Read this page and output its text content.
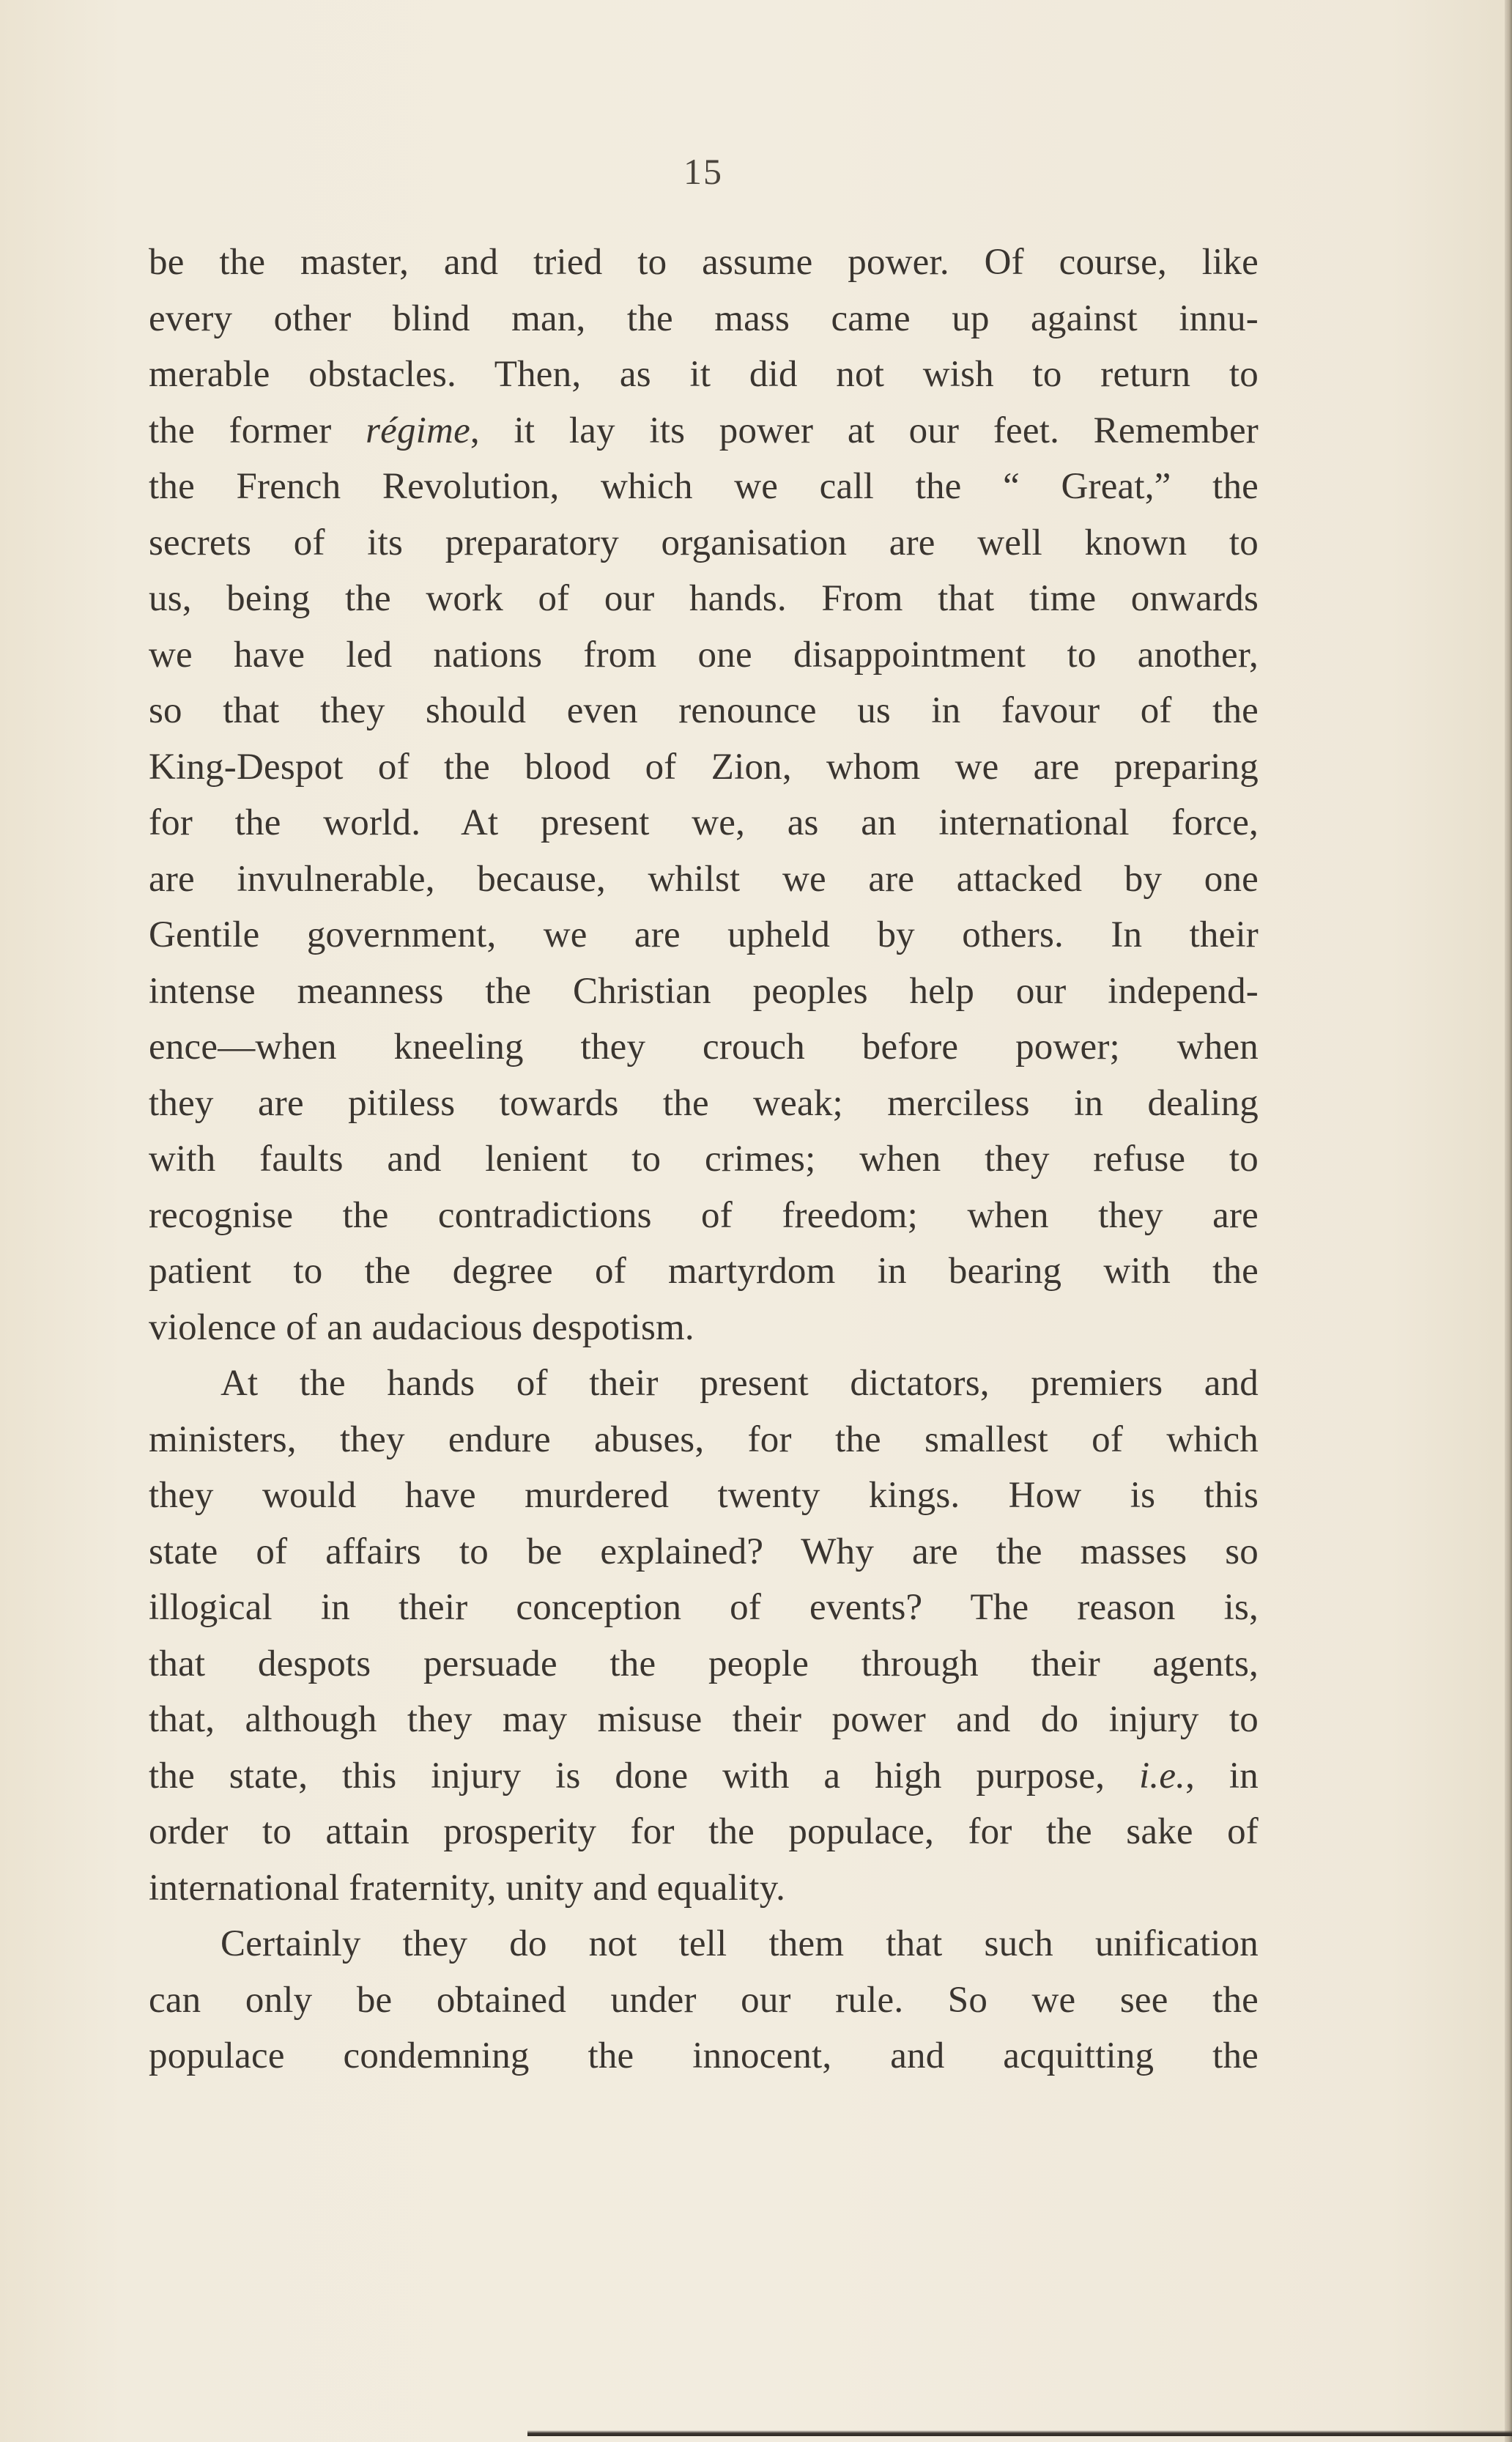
15
be the master, and tried to assume power. Of course, like
every other blind man, the mass came up against innu-
merable obstacles. Then, as it did not wish to return to
the former régime, it lay its power at our feet. Remember
the French Revolution, which we call the “ Great,” the
secrets of its preparatory organisation are well known to
us, being the work of our hands. From that time onwards
we have led nations from one disappointment to another,
so that they should even renounce us in favour of the
King-Despot of the blood of Zion, whom we are preparing
for the world. At present we, as an international force,
are invulnerable, because, whilst we are attacked by one
Gentile government, we are upheld by others. In their
intense meanness the Christian peoples help our independ-
ence—when kneeling they crouch before power; when
they are pitiless towards the weak; merciless in dealing
with faults and lenient to crimes; when they refuse to
recognise the contradictions of freedom; when they are
patient to the degree of martyrdom in bearing with the
violence of an audacious despotism.
At the hands of their present dictators, premiers and
ministers, they endure abuses, for the smallest of which
they would have murdered twenty kings. How is this
state of affairs to be explained? Why are the masses so
illogical in their conception of events? The reason is,
that despots persuade the people through their agents,
that, although they may misuse their power and do injury to
the state, this injury is done with a high purpose, i.e., in
order to attain prosperity for the populace, for the sake of
international fraternity, unity and equality.
Certainly they do not tell them that such unification
can only be obtained under our rule. So we see the
populace condemning the innocent, and acquitting the
